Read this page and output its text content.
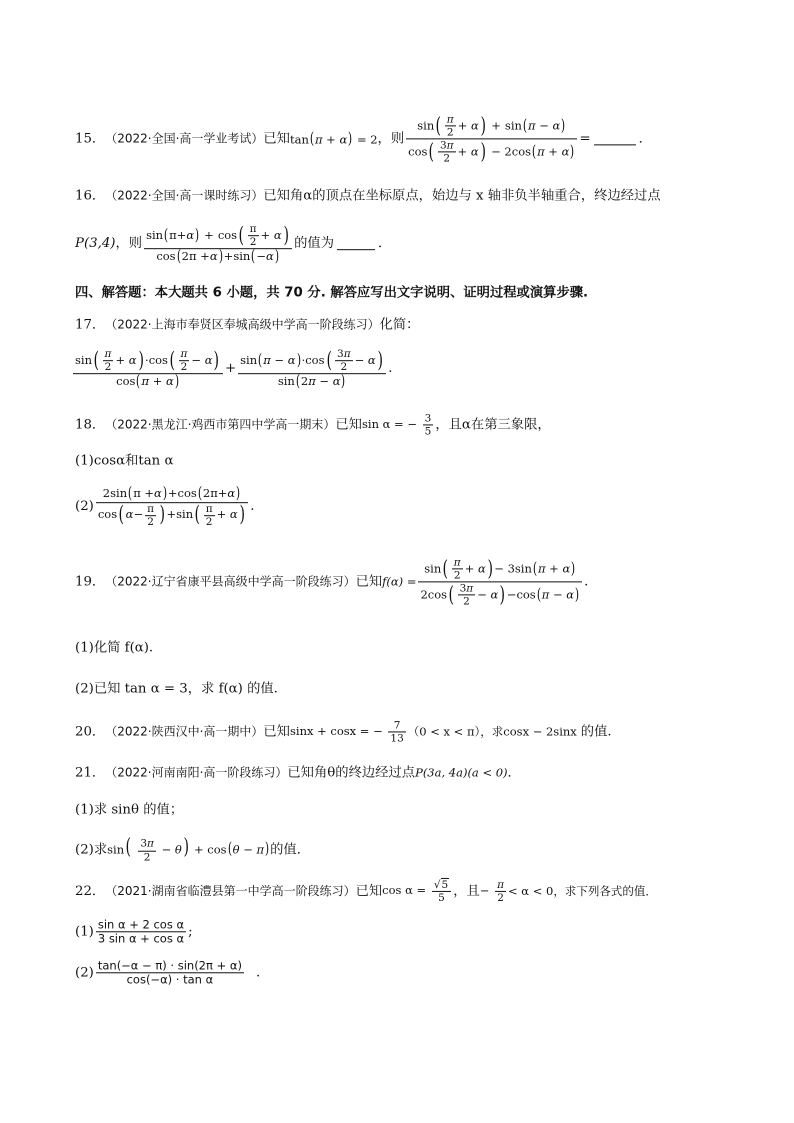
15． （2022·全国·高一学业考试） 已知 tan(π + α) = 2 ，则
sin ( $\frac{\pi}{2} + \alpha$ ) + sin ( π − α )
cos ( $\frac{3 \pi}{2} + \alpha$ ) − 2 cos ( π + α )
=	．
16． （2022·全国·高一课时练习） 已知角α的顶点在坐标原点，始边与 x 轴非负半轴重合，终边经过点
P(3,4) ，则
sin ( π + α ) + cos ( $\frac{\pi}{2} + \alpha$ )
cos ( 2π + α ) + sin ( − α )
的值为	．
四、解答题：本大题共 6 小题，共 70 分. 解答应写出文字说明、证明过程或演算步骤.
17． （2022·上海市奉贤区奉城高级中学高一阶段练习） 化简：
sin ( $\frac{\pi}{2} + \alpha$ ) · cos ( $\frac{\pi}{2} - \alpha$ )
cos ( π + α )
+ $\frac{\sin ( \pi - \alpha ) \cdot \cos ( \frac{3 \pi}{2} - \alpha )}{\sin ( 2 \pi - \alpha )}$ .
18． （2022·黑龙江·鸡西市第四中学高一期末） 已知 sin α = − $\frac{3}{5}$ ，且α在第三象限，
(1)cosα和tan α
(2)
2 sin ( π + α ) + cos ( 2π+ α )
cos ( $\alpha - \frac{\pi}{2}$ ) + sin ( $\frac{\pi}{2} + \alpha$ ) .
19． （2022·辽宁省康平县高级中学高一阶段练习） 已知 $f(\alpha) = \frac{\sin ( \frac{\pi}{2} + \alpha ) - 3 \sin ( \pi + \alpha )}{2 \cos ( \frac{3 \pi}{2} - \alpha ) - \cos ( \pi - \alpha )}$ .
(1)化简 f(α).
(2)已知 tan α = 3，求 f(α) 的值.
20． （2022·陕西汉中·高一期中） 已知 sinx + cosx = − $\frac{7}{13} (0 < x < \pi)$，求 cosx − 2sinx 的值.
21． （2022·河南南阳·高一阶段练习） 已知角θ的终边经过点 P(3a, 4a)(a < 0) ．
(1)求 sinθ 的值；
(2)求 $\sin( \frac{3 \pi}{2} - \theta) + \cos(\theta - \pi)$ 的值．
22． （2021·湖南省临澧县第一中学高一阶段练习） 已知 $\cos \alpha = \frac{√ 5}{5}$ ，且 − $\frac{\pi}{2} < \alpha < 0$，求下列各式的值．
$(1) \frac{\text{sin α + 2 cos α}}{\text{3 sin α + cos α}}$ ;
$(2) \frac{\tan(-\alpha - \pi) \cdot \sin(2\pi + \alpha)}{\text{cos(−α) · tan α}}$ .
